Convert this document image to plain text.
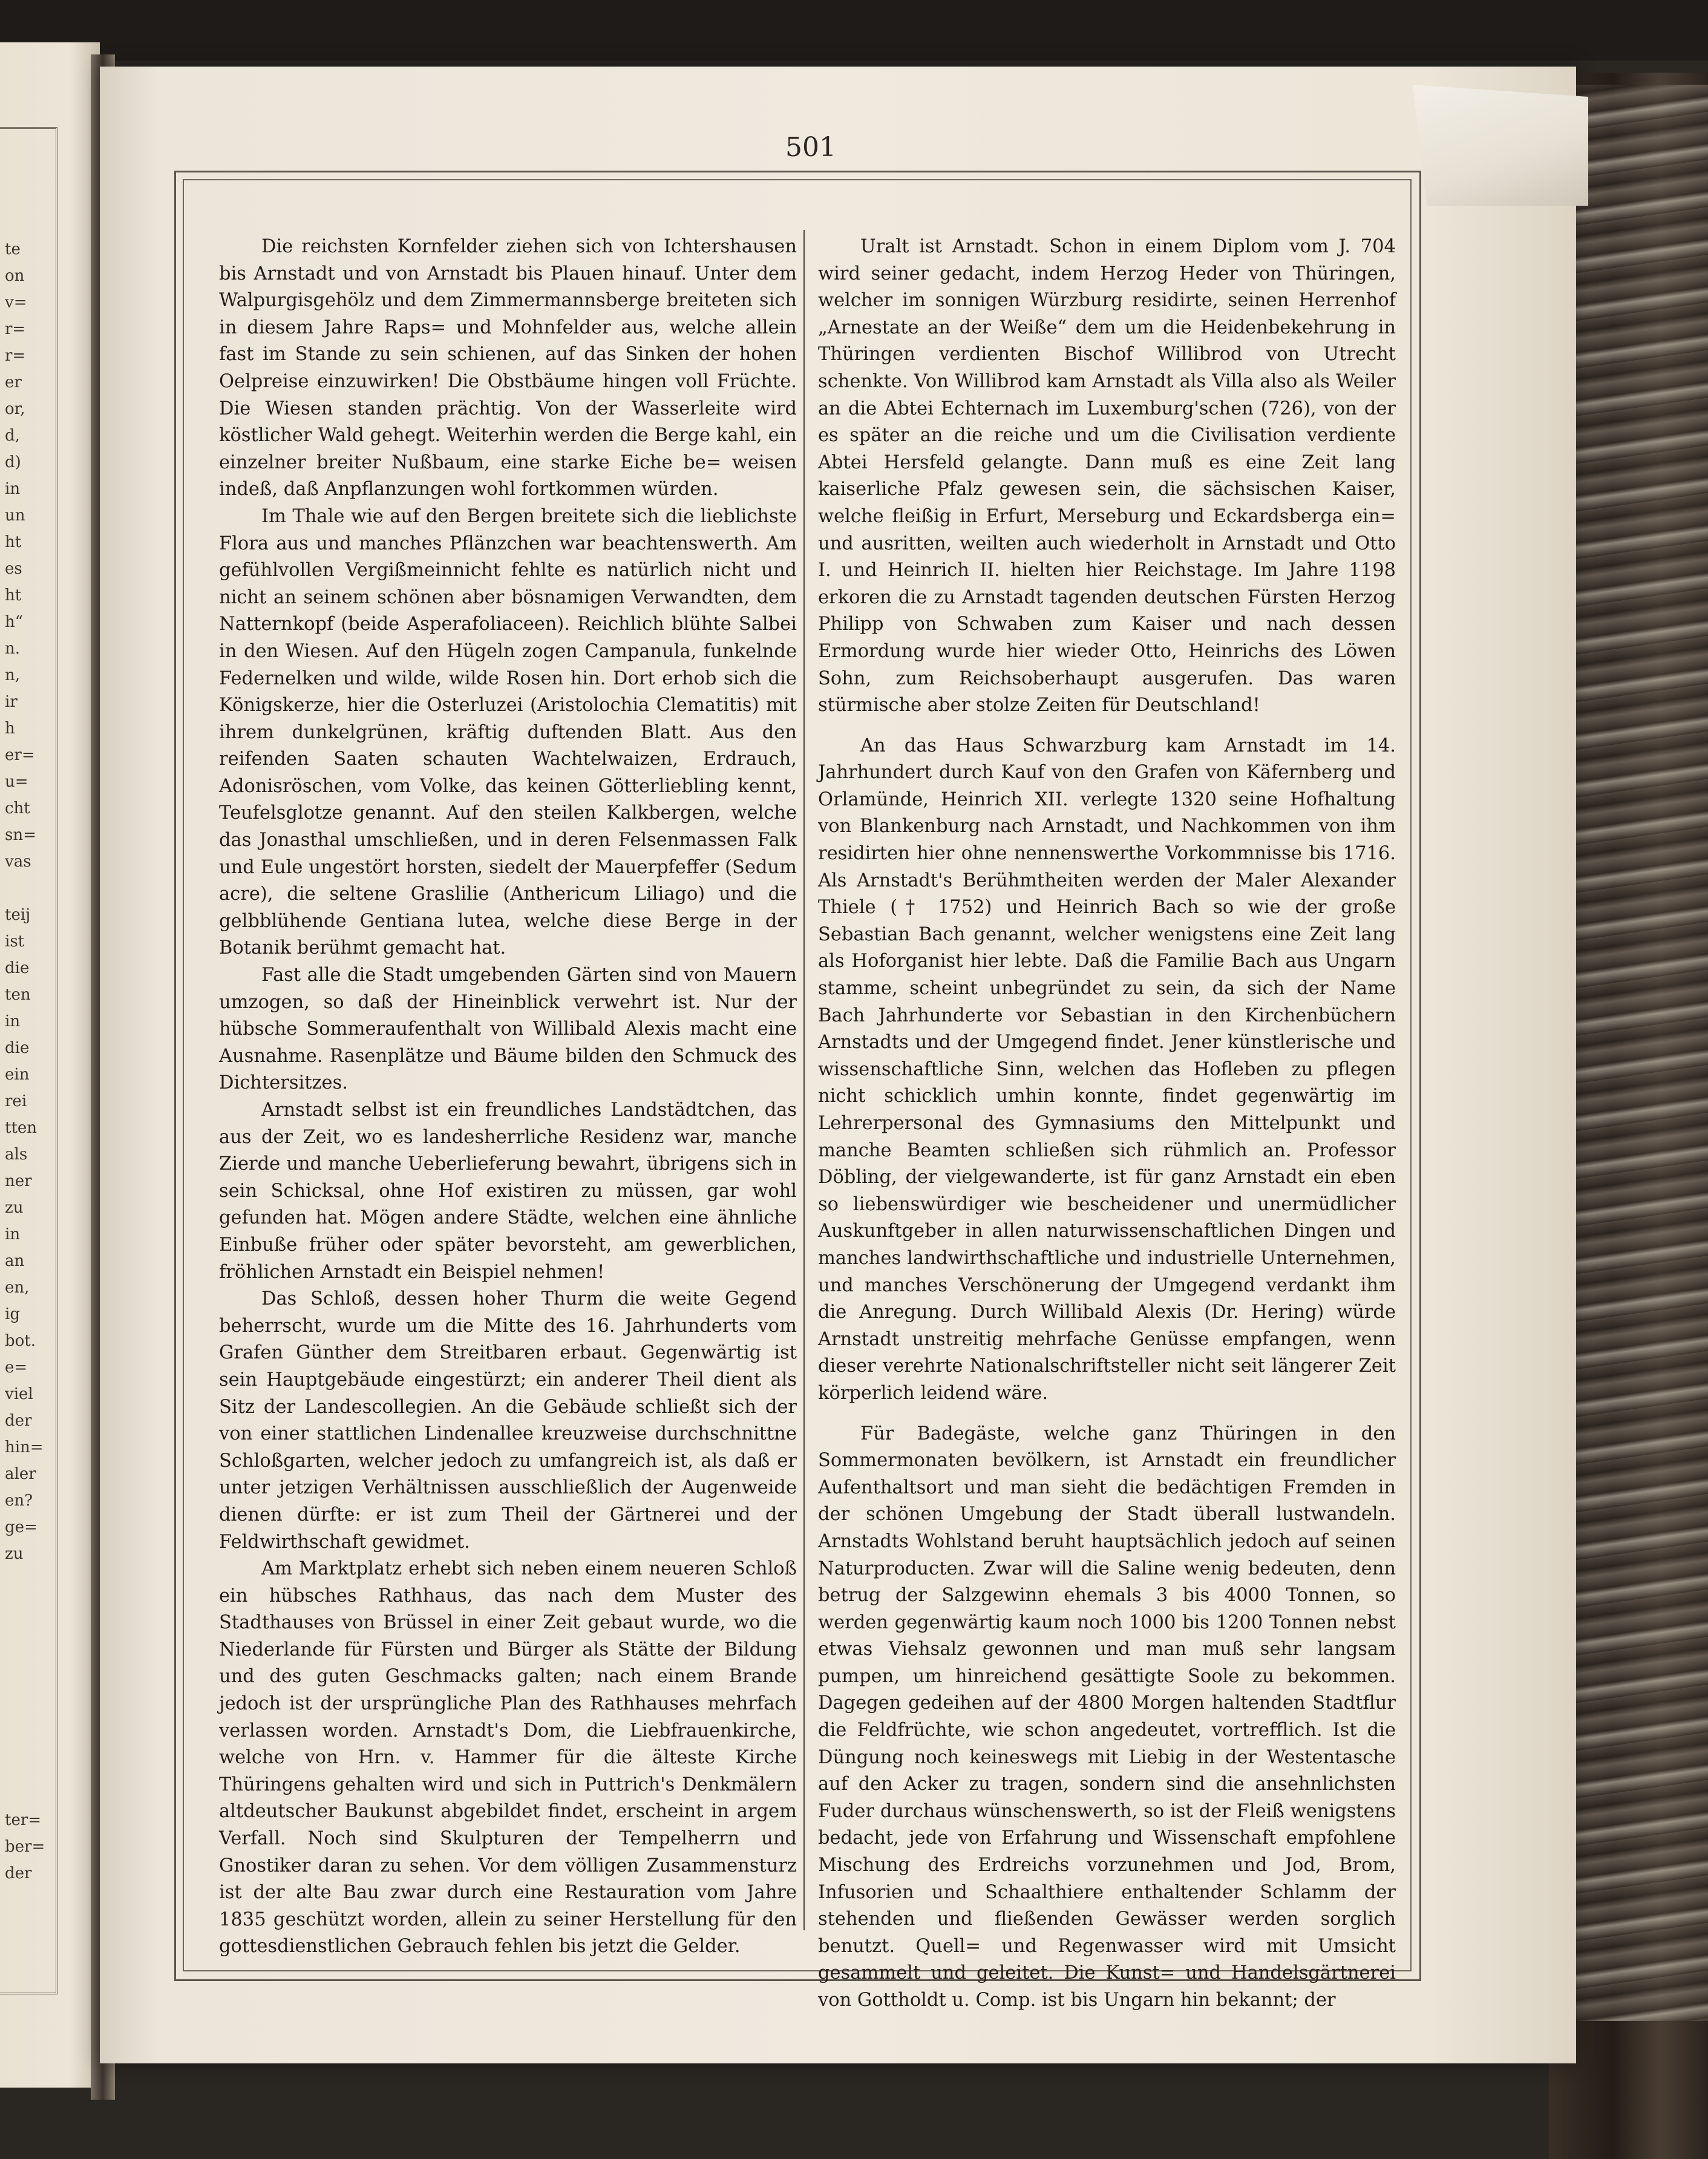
te
on
v=
r=
r=
er
or,
d,
d)
in
un
ht
es
ht
h“
n.
n,
ir
h
er=
u=
cht
sn=
vas

teij
ist
die
ten
in
die
ein
rei
tten
als
ner
zu
in
an
en,
ig
bot.
e=
viel
der
hin=
aler
en?
ge=
zu

ter=
ber=
der
501

Die reichsten Kornfelder ziehen sich von Ichtershausen bis Arnstadt und von Arnstadt bis Plauen hinauf. Unter dem Walpurgisgehölz und dem Zimmermannsberge breiteten sich in diesem Jahre Raps= und Mohnfelder aus, welche allein fast im Stande zu sein schienen, auf das Sinken der hohen Oelpreise einzuwirken! Die Obstbäume hingen voll Früchte. Die Wiesen standen prächtig. Von der Wasserleite wird köstlicher Wald gehegt. Weiterhin werden die Berge kahl, ein einzelner breiter Nußbaum, eine starke Eiche be= weisen indeß, daß Anpflanzungen wohl fortkommen würden.

Im Thale wie auf den Bergen breitete sich die lieblichste Flora aus und manches Pflänzchen war beachtenswerth. Am gefühlvollen Vergißmeinnicht fehlte es natürlich nicht und nicht an seinem schönen aber bösnamigen Verwandten, dem Natternkopf (beide Asperafoliaceen). Reichlich blühte Salbei in den Wiesen. Auf den Hügeln zogen Campanula, funkelnde Federnelken und wilde, wilde Rosen hin. Dort erhob sich die Königskerze, hier die Osterluzei (Aristolochia Clematitis) mit ihrem dunkelgrünen, kräftig duftenden Blatt. Aus den reifenden Saaten schauten Wachtelwaizen, Erdrauch, Adonisröschen, vom Volke, das keinen Götterliebling kennt, Teufelsglotze genannt. Auf den steilen Kalkbergen, welche das Jonasthal umschließen, und in deren Felsenmassen Falk und Eule ungestört horsten, siedelt der Mauerpfeffer (Sedum acre), die seltene Graslilie (Anthericum Liliago) und die gelbblühende Gentiana lutea, welche diese Berge in der Botanik berühmt gemacht hat.

Fast alle die Stadt umgebenden Gärten sind von Mauern umzogen, so daß der Hineinblick verwehrt ist. Nur der hübsche Sommeraufenthalt von Willibald Alexis macht eine Ausnahme. Rasenplätze und Bäume bilden den Schmuck des Dichtersitzes.

Arnstadt selbst ist ein freundliches Landstädtchen, das aus der Zeit, wo es landesherrliche Residenz war, manche Zierde und manche Ueberlieferung bewahrt, übrigens sich in sein Schicksal, ohne Hof existiren zu müssen, gar wohl gefunden hat. Mögen andere Städte, welchen eine ähnliche Einbuße früher oder später bevorsteht, am gewerblichen, fröhlichen Arnstadt ein Beispiel nehmen!

Das Schloß, dessen hoher Thurm die weite Gegend beherrscht, wurde um die Mitte des 16. Jahrhunderts vom Grafen Günther dem Streitbaren erbaut. Gegenwärtig ist sein Hauptgebäude eingestürzt; ein anderer Theil dient als Sitz der Landescollegien. An die Gebäude schließt sich der von einer stattlichen Lindenallee kreuzweise durchschnittne Schloßgarten, welcher jedoch zu umfangreich ist, als daß er unter jetzigen Verhältnissen ausschließlich der Augenweide dienen dürfte: er ist zum Theil der Gärtnerei und der Feldwirthschaft gewidmet.

Am Marktplatz erhebt sich neben einem neueren Schloß ein hübsches Rathhaus, das nach dem Muster des Stadthauses von Brüssel in einer Zeit gebaut wurde, wo die Niederlande für Fürsten und Bürger als Stätte der Bildung und des guten Geschmacks galten; nach einem Brande jedoch ist der ursprüngliche Plan des Rathhauses mehrfach verlassen worden. Arnstadt's Dom, die Liebfrauenkirche, welche von Hrn. v. Hammer für die älteste Kirche Thüringens gehalten wird und sich in Puttrich's Denkmälern altdeutscher Baukunst abgebildet findet, erscheint in argem Verfall. Noch sind Skulpturen der Tempelherrn und Gnostiker daran zu sehen. Vor dem völligen Zusammensturz ist der alte Bau zwar durch eine Restauration vom Jahre 1835 geschützt worden, allein zu seiner Herstellung für den gottesdienstlichen Gebrauch fehlen bis jetzt die Gelder.

Uralt ist Arnstadt. Schon in einem Diplom vom J. 704 wird seiner gedacht, indem Herzog Heder von Thüringen, welcher im sonnigen Würzburg residirte, seinen Herrenhof „Arnestate an der Weiße“ dem um die Heidenbekehrung in Thüringen verdienten Bischof Willibrod von Utrecht schenkte. Von Willibrod kam Arnstadt als Villa also als Weiler an die Abtei Echternach im Luxemburg'schen (726), von der es später an die reiche und um die Civilisation verdiente Abtei Hersfeld gelangte. Dann muß es eine Zeit lang kaiserliche Pfalz gewesen sein, die sächsischen Kaiser, welche fleißig in Erfurt, Merseburg und Eckardsberga ein= und ausritten, weilten auch wiederholt in Arnstadt und Otto I. und Heinrich II. hielten hier Reichstage. Im Jahre 1198 erkoren die zu Arnstadt tagenden deutschen Fürsten Herzog Philipp von Schwaben zum Kaiser und nach dessen Ermordung wurde hier wieder Otto, Heinrichs des Löwen Sohn, zum Reichsoberhaupt ausgerufen. Das waren stürmische aber stolze Zeiten für Deutschland!

An das Haus Schwarzburg kam Arnstadt im 14. Jahrhundert durch Kauf von den Grafen von Käfernberg und Orlamünde, Heinrich XII. verlegte 1320 seine Hofhaltung von Blankenburg nach Arnstadt, und Nachkommen von ihm residirten hier ohne nennenswerthe Vorkommnisse bis 1716. Als Arnstadt's Berühmtheiten werden der Maler Alexander Thiele († 1752) und Heinrich Bach so wie der große Sebastian Bach genannt, welcher wenigstens eine Zeit lang als Hoforganist hier lebte. Daß die Familie Bach aus Ungarn stamme, scheint unbegründet zu sein, da sich der Name Bach Jahrhunderte vor Sebastian in den Kirchenbüchern Arnstadts und der Umgegend findet. Jener künstlerische und wissenschaftliche Sinn, welchen das Hofleben zu pflegen nicht schicklich umhin konnte, findet gegenwärtig im Lehrerpersonal des Gymnasiums den Mittelpunkt und manche Beamten schließen sich rühmlich an. Professor Döbling, der vielgewanderte, ist für ganz Arnstadt ein eben so liebenswürdiger wie bescheidener und unermüdlicher Auskunftgeber in allen naturwissenschaftlichen Dingen und manches landwirthschaftliche und industrielle Unternehmen, und manches Verschönerung der Umgegend verdankt ihm die Anregung. Durch Willibald Alexis (Dr. Hering) würde Arnstadt unstreitig mehrfache Genüsse empfangen, wenn dieser verehrte Nationalschriftsteller nicht seit längerer Zeit körperlich leidend wäre.

Für Badegäste, welche ganz Thüringen in den Sommermonaten bevölkern, ist Arnstadt ein freundlicher Aufenthaltsort und man sieht die bedächtigen Fremden in der schönen Umgebung der Stadt überall lustwandeln. Arnstadts Wohlstand beruht hauptsächlich jedoch auf seinen Naturproducten. Zwar will die Saline wenig bedeuten, denn betrug der Salzgewinn ehemals 3 bis 4000 Tonnen, so werden gegenwärtig kaum noch 1000 bis 1200 Tonnen nebst etwas Viehsalz gewonnen und man muß sehr langsam pumpen, um hinreichend gesättigte Soole zu bekommen. Dagegen gedeihen auf der 4800 Morgen haltenden Stadtflur die Feldfrüchte, wie schon angedeutet, vortrefflich. Ist die Düngung noch keineswegs mit Liebig in der Westentasche auf den Acker zu tragen, sondern sind die ansehnlichsten Fuder durchaus wünschenswerth, so ist der Fleiß wenigstens bedacht, jede von Erfahrung und Wissenschaft empfohlene Mischung des Erdreichs vorzunehmen und Jod, Brom, Infusorien und Schaalthiere enthaltender Schlamm der stehenden und fließenden Gewässer werden sorglich benutzt. Quell= und Regenwasser wird mit Umsicht gesammelt und geleitet. Die Kunst= und Handelsgärtnerei von Gottholdt u. Comp. ist bis Ungarn hin bekannt; der
